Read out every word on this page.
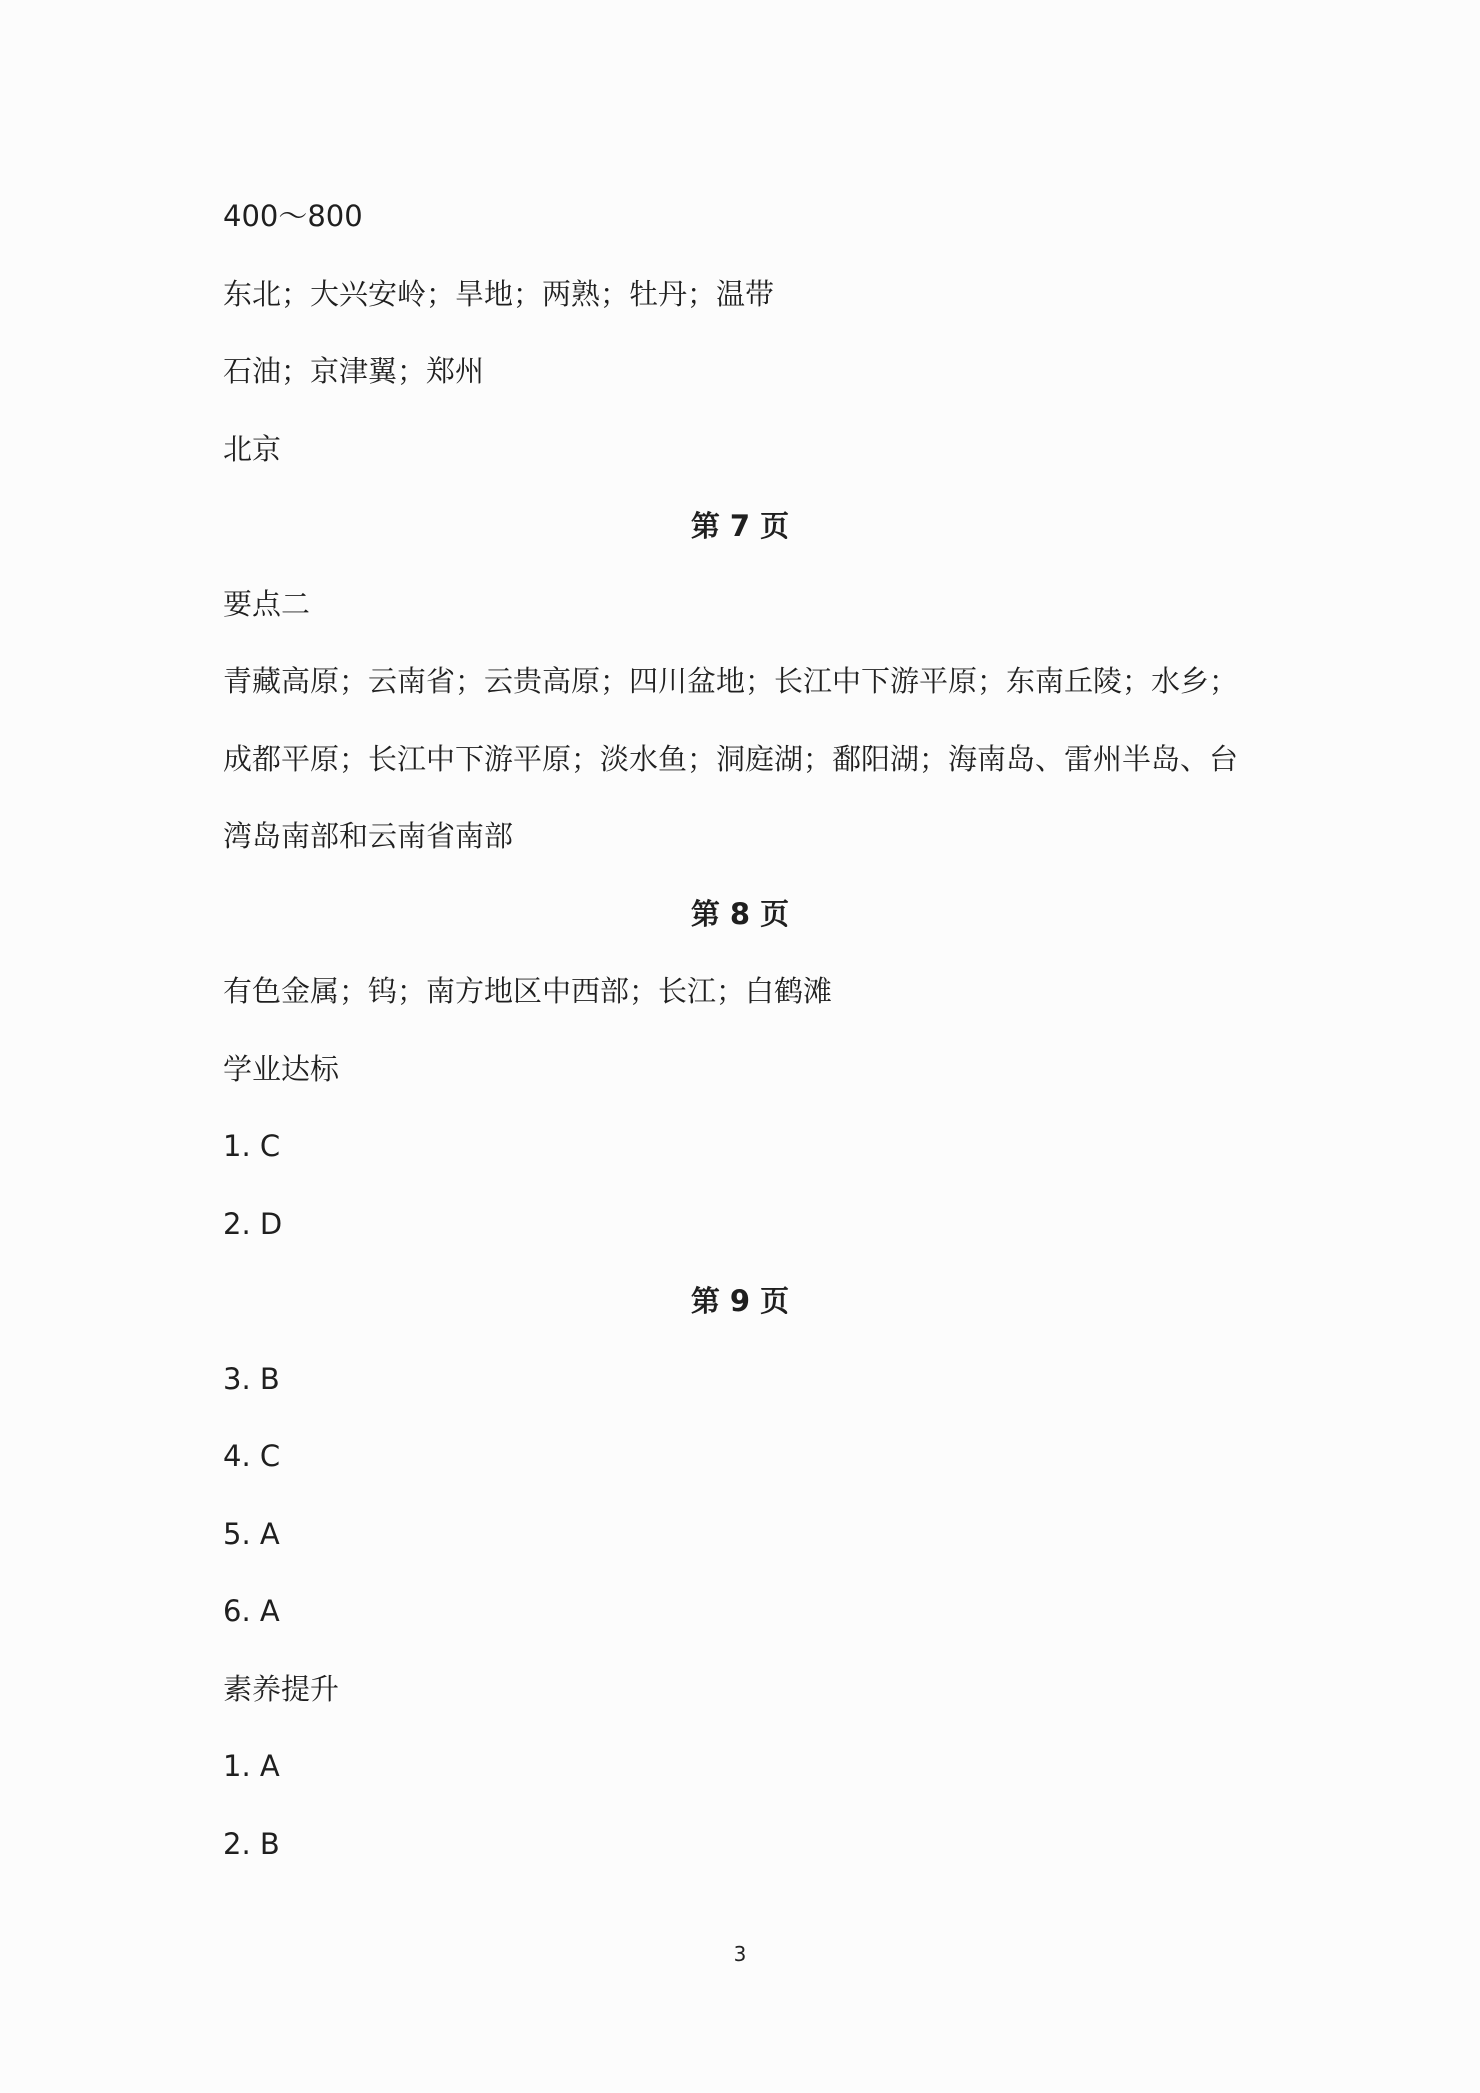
400～800
东北；大兴安岭；旱地；两熟；牡丹；温带
石油；京津翼；郑州
北京
第 7 页
要点二
青藏高原；云南省；云贵高原；四川盆地；长江中下游平原；东南丘陵；水乡；
成都平原；长江中下游平原；淡水鱼；洞庭湖；鄱阳湖；海南岛、雷州半岛、台
湾岛南部和云南省南部
第 8 页
有色金属；钨；南方地区中西部；长江；白鹤滩
学业达标
1. C
2. D
第 9 页
3. B
4. C
5. A
6. A
素养提升
1. A
2. B
3
